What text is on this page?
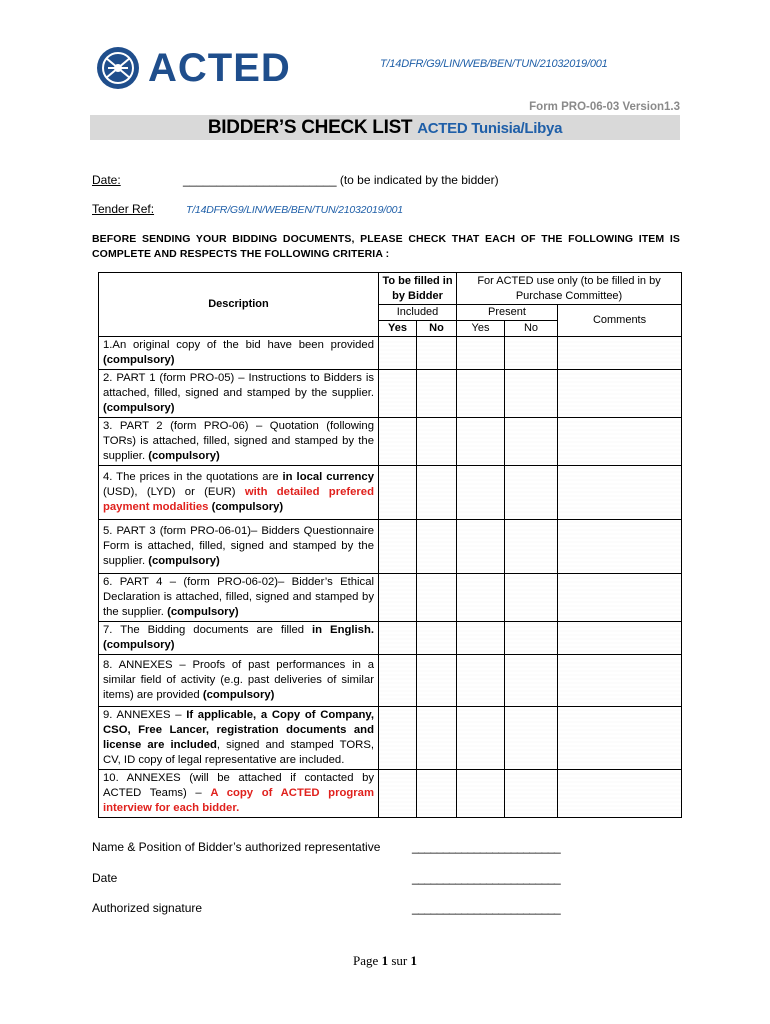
ACTED	T/14DFR/G9/LIN/WEB/BEN/TUN/21032019/001
Form PRO-06-03 Version1.3
BIDDER’S CHECK LIST ACTED Tunisia/Libya
Date:	_______________________ (to be indicated by the bidder)
Tender Ref:	T/14DFR/G9/LIN/WEB/BEN/TUN/21032019/001
BEFORE SENDING YOUR BIDDING DOCUMENTS, PLEASE CHECK THAT EACH OF THE FOLLOWING ITEM IS COMPLETE AND RESPECTS THE FOLLOWING CRITERIA :
Description	To be filled in by Bidder		For ACTED use only (to be filled in by Purchase Committee)		
	Included		Present		Comments
	Yes	No	Yes	No	
1.An original copy of the bid have been provided (compulsory)					
2. PART 1 (form PRO-05) – Instructions to Bidders is attached, filled, signed and stamped by the supplier. (compulsory)					
3. PART 2 (form PRO-06) – Quotation (following TORs) is attached, filled, signed and stamped by the supplier. (compulsory)					
4. The prices in the quotations are in local currency (USD), (LYD) or (EUR) with detailed prefered payment modalities (compulsory)					
5. PART 3 (form PRO-06-01)– Bidders Questionnaire Form is attached, filled, signed and stamped by the supplier. (compulsory)					
6. PART 4 – (form PRO-06-02)– Bidder’s Ethical Declaration is attached, filled, signed and stamped by the supplier. (compulsory)					
7. The Bidding documents are filled in English. (compulsory)					
8. ANNEXES – Proofs of past performances in a similar field of activity (e.g. past deliveries of similar items) are provided (compulsory)					
9. ANNEXES – If applicable, a Copy of Company, CSO, Free Lancer, registration documents and license are included, signed and stamped TORS, CV, ID copy of legal representative are included.					
10. ANNEXES (will be attached if contacted by ACTED Teams) – A copy of ACTED program interview for each bidder.					
Name & Position of Bidder’s authorized representative	________________________
Date	________________________
Authorized signature	________________________
Page 1 sur 1
